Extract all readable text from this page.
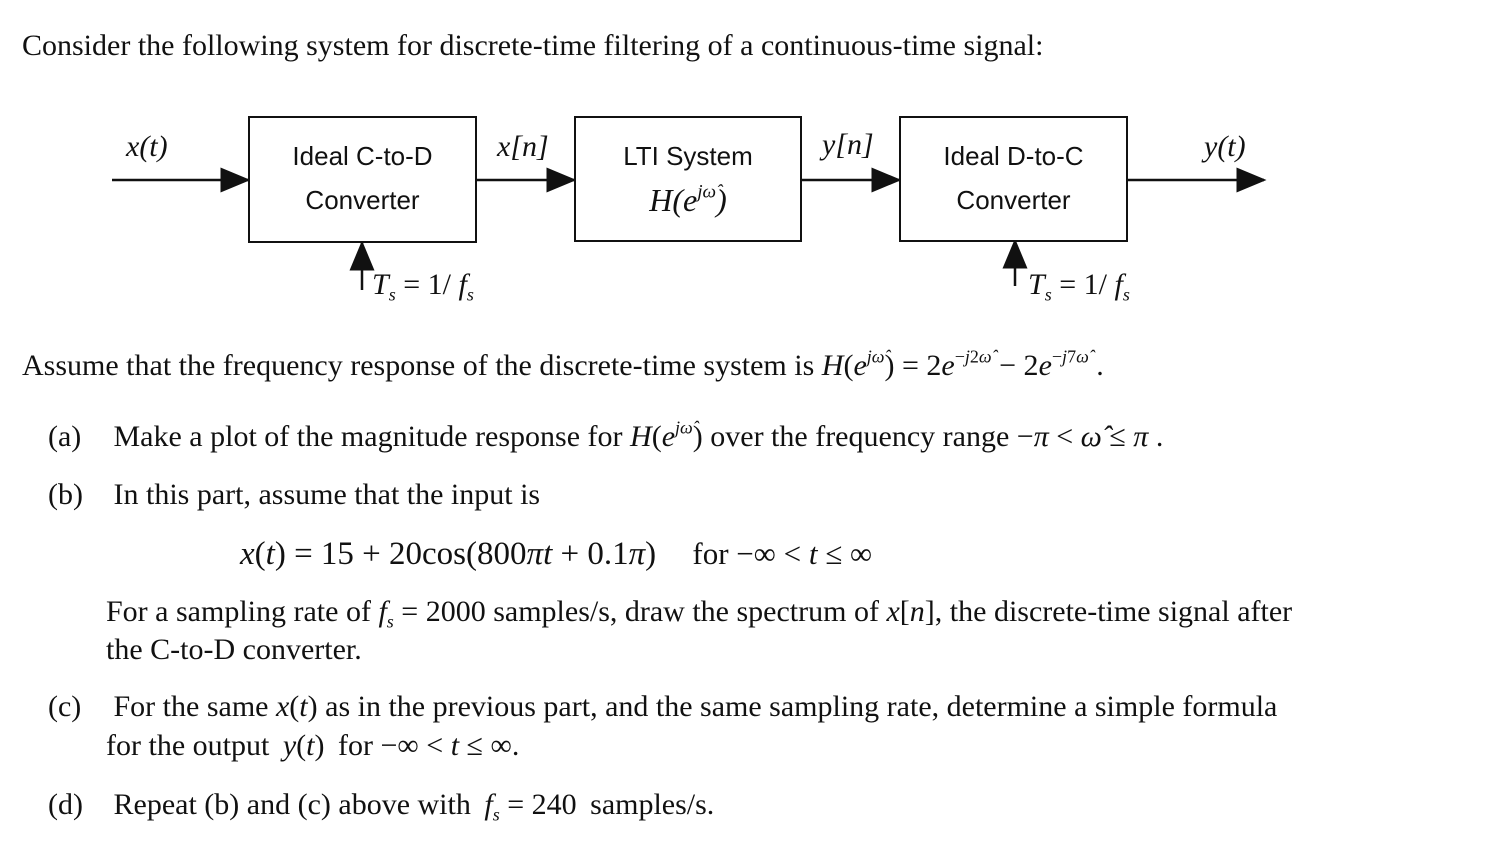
Consider the following system for discrete-time filtering of a continuous-time signal:
x(t)	Ideal C-to-D
Converter
x[n]	LTI System
$H(e^{j\omegâ})$
y[n]	Ideal D-to-C
Converter
y(t)
$T_s = 1/$ $f_s$	$T_s = 1/$ $f_s$
Assume that the frequency response of the discrete-time system is $H(e^{j\omegâ}) = 2e^{-j2\omegâ} - 2e^{-j7\omegâ}$ .
(a) Make a plot of the magnitude response for $H(e^{j\omegâ})$ over the frequency range −π < ω̂ ≤ π .
(b) In this part, assume that the input is
x(t) = 15 + 20cos(800πt + 0.1π) for −∞ < t ≤ ∞
For a sampling rate of $f_s = 2000$ samples/s, draw the spectrum of x[n], the discrete-time signal after
the C-to-D converter.
(c) For the same x(t) as in the previous part, and the same sampling rate, determine a simple formula
for the output y(t) for −∞ < t ≤ ∞.
(d) Repeat (b) and (c) above with $f_s = 240$ samples/s.
